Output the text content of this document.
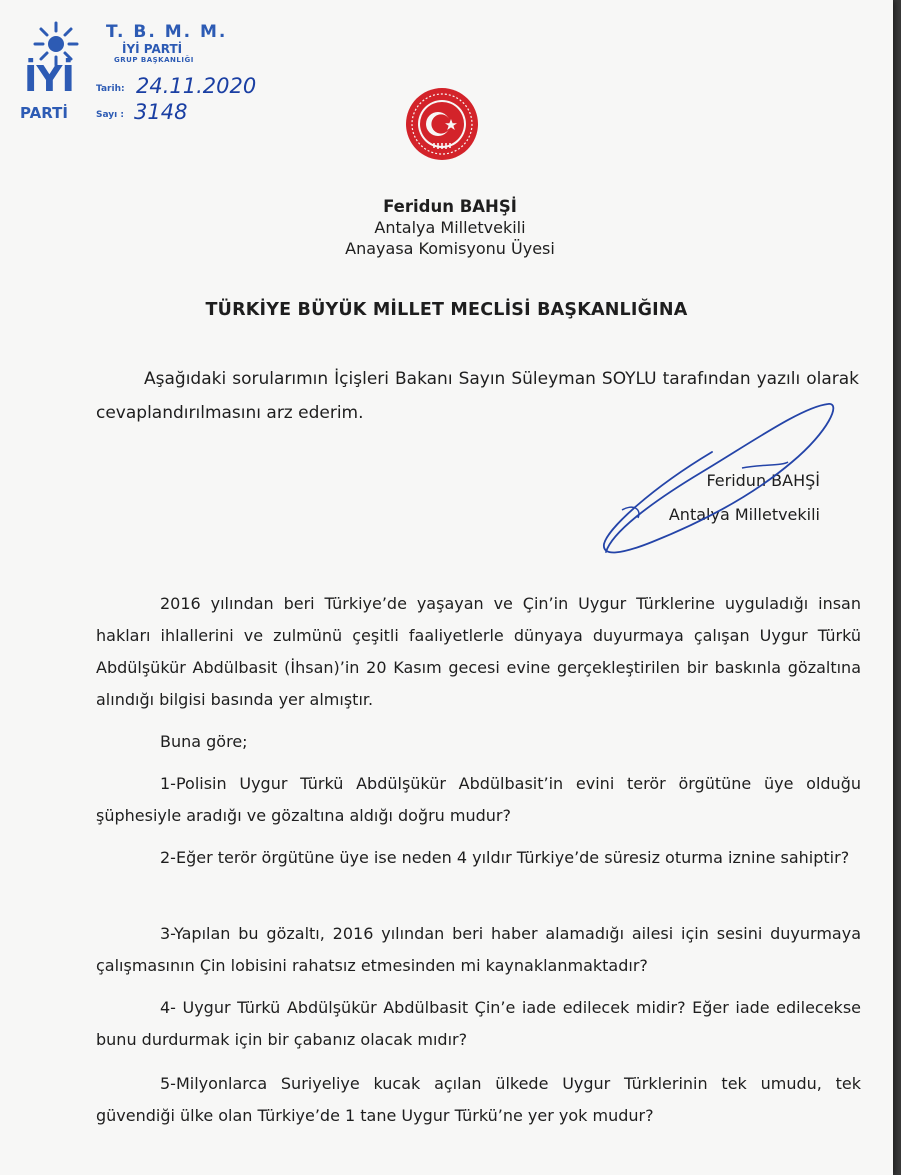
İYİ
PARTİ
T. B. M. M.
İYİ PARTİ
GRUP BAŞKANLIĞI
Tarih: 24.11.2020
Sayı : 3148
Feridun BAHŞİ
Antalya Milletvekili
Anayasa Komisyonu Üyesi
TÜRKİYE BÜYÜK MİLLET MECLİSİ BAŞKANLIĞINA
Aşağıdaki sorularımın İçişleri Bakanı Sayın Süleyman SOYLU tarafından yazılı olarak cevaplandırılmasını arz ederim.
Feridun BAHŞİ
Antalya Milletvekili
2016 yılından beri Türkiye’de yaşayan ve Çin’in Uygur Türklerine uyguladığı insan hakları ihlallerini ve zulmünü çeşitli faaliyetlerle dünyaya duyurmaya çalışan Uygur Türkü Abdülşükür Abdülbasit (İhsan)’in 20 Kasım gecesi evine gerçekleştirilen bir baskınla gözaltına alındığı bilgisi basında yer almıştır.
Buna göre;
1-Polisin Uygur Türkü Abdülşükür Abdülbasit’in evini terör örgütüne üye olduğu şüphesiyle aradığı ve gözaltına aldığı doğru mudur?
2-Eğer terör örgütüne üye ise neden 4 yıldır Türkiye’de süresiz oturma iznine sahiptir?
3-Yapılan bu gözaltı, 2016 yılından beri haber alamadığı ailesi için sesini duyurmaya çalışmasının Çin lobisini rahatsız etmesinden mi kaynaklanmaktadır?
4- Uygur Türkü Abdülşükür Abdülbasit Çin’e iade edilecek midir? Eğer iade edilecekse bunu durdurmak için bir çabanız olacak mıdır?
5-Milyonlarca Suriyeliye kucak açılan ülkede Uygur Türklerinin tek umudu, tek güvendiği ülke olan Türkiye’de 1 tane Uygur Türkü’ne yer yok mudur?
